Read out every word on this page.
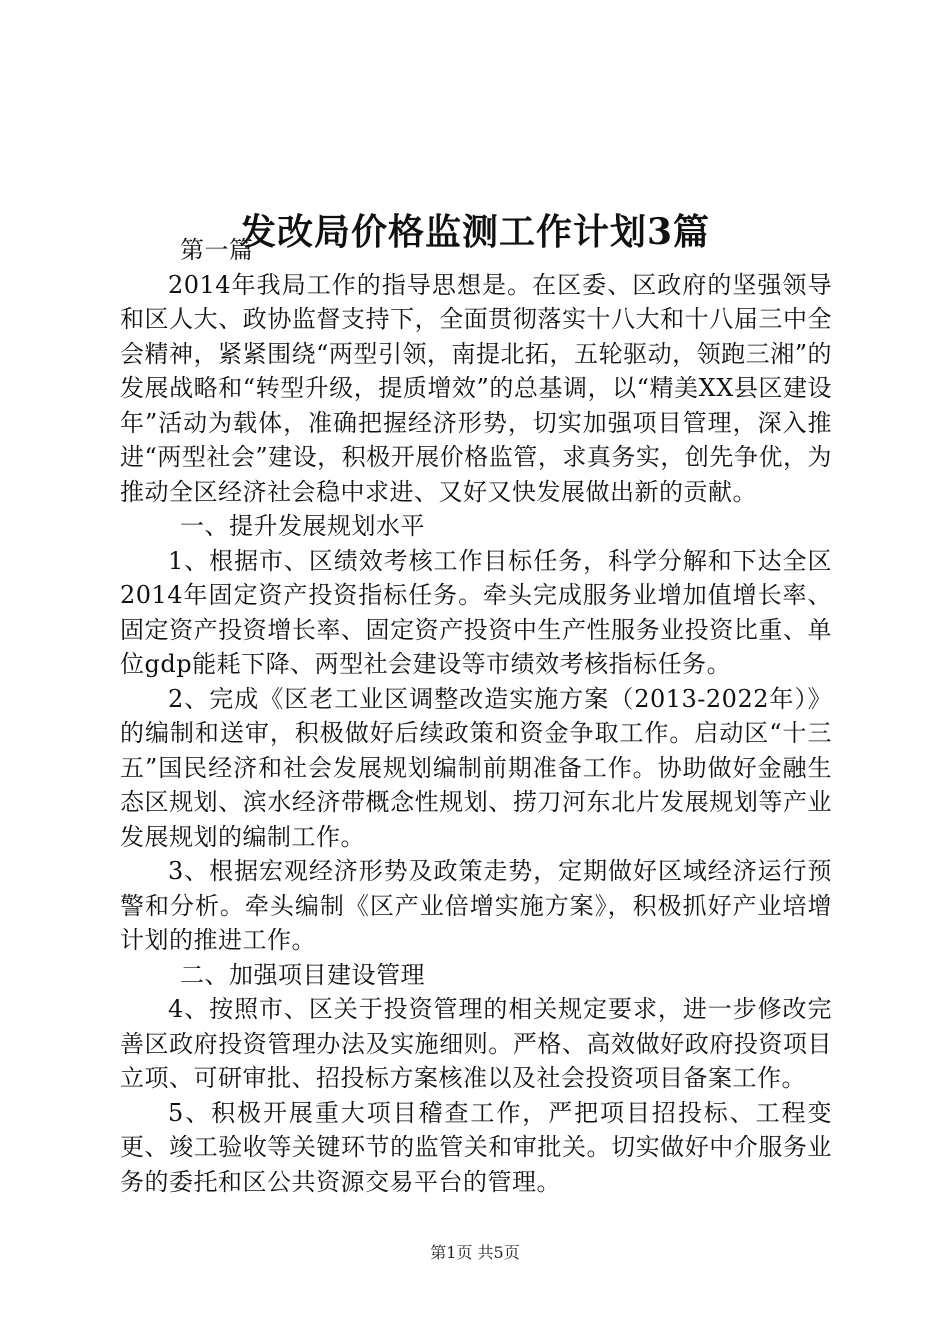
发改局价格监测工作计划3篇

第一篇

2014年我局工作的指导思想是。在区委、区政府的坚强领导和区人大、政协监督支持下，全面贯彻落实十八大和十八届三中全会精神，紧紧围绕“两型引领，南提北拓，五轮驱动，领跑三湘”的发展战略和“转型升级，提质增效”的总基调，以“精美XX县区建设年”活动为载体，准确把握经济形势，切实加强项目管理，深入推进“两型社会”建设，积极开展价格监管，求真务实，创先争优，为推动全区经济社会稳中求进、又好又快发展做出新的贡献。

一、提升发展规划水平

1、根据市、区绩效考核工作目标任务，科学分解和下达全区2014年固定资产投资指标任务。牵头完成服务业增加值增长率、固定资产投资增长率、固定资产投资中生产性服务业投资比重、单位gdp能耗下降、两型社会建设等市绩效考核指标任务。

2、完成《区老工业区调整改造实施方案（2013-2022年）》的编制和送审，积极做好后续政策和资金争取工作。启动区“十三五”国民经济和社会发展规划编制前期准备工作。协助做好金融生态区规划、滨水经济带概念性规划、捞刀河东北片发展规划等产业发展规划的编制工作。

3、根据宏观经济形势及政策走势，定期做好区域经济运行预警和分析。牵头编制《区产业倍增实施方案》，积极抓好产业培增计划的推进工作。

二、加强项目建设管理

4、按照市、区关于投资管理的相关规定要求，进一步修改完善区政府投资管理办法及实施细则。严格、高效做好政府投资项目立项、可研审批、招投标方案核准以及社会投资项目备案工作。

5、积极开展重大项目稽查工作，严把项目招投标、工程变更、竣工验收等关键环节的监管关和审批关。切实做好中介服务业务的委托和区公共资源交易平台的管理。

第1页 共5页
